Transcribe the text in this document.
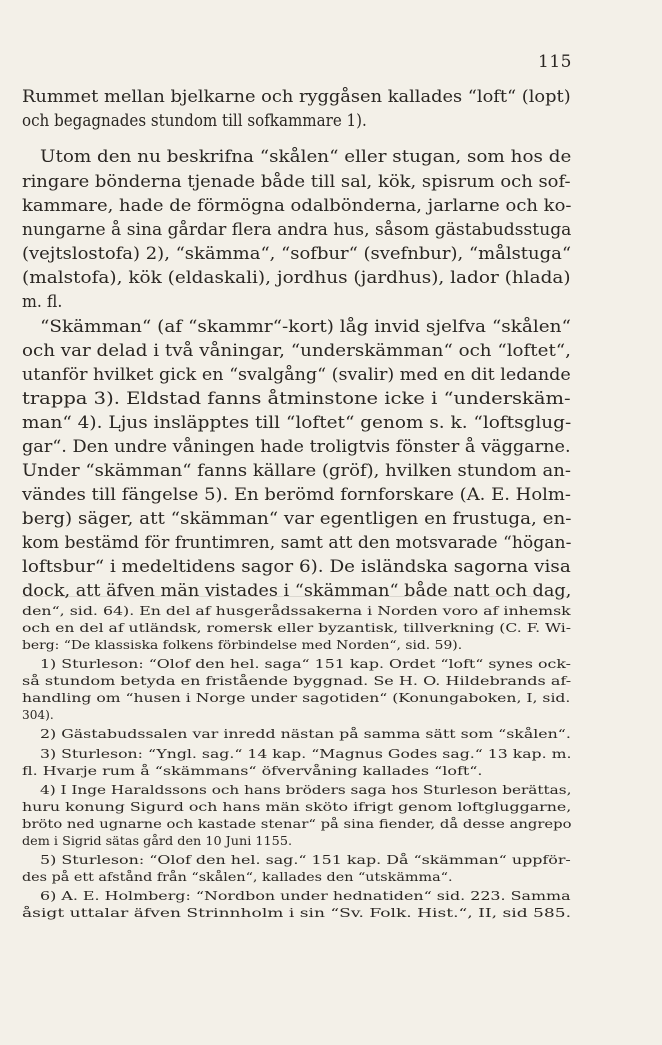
115
Rummet mellan bjelkarne och ryggåsen kallades “loft“ (lopt)
och begagnades stundom till sofkammare 1).
Utom den nu beskrifna “skålen“ eller stugan, som hos de
ringare bönderna tjenade både till sal, kök, spisrum och sof-
kammare, hade de förmögna odalbönderna, jarlarne och ko-
nungarne å sina gårdar flera andra hus, såsom gästabudsstuga
(vejtslostofa) 2), “skämma“, “sofbur“ (svefnbur), “målstuga“
(malstofa), kök (eldaskali), jordhus (jardhus), lador (hlada)
m. fl.
“Skämman“ (af “skammr“-kort) låg invid sjelfva “skålen“
och var delad i två våningar, “underskämman“ och “loftet“,
utanför hvilket gick en “svalgång“ (svalir) med en dit ledande
trappa 3). Eldstad fanns åtminstone icke i “underskäm-
man“ 4). Ljus insläpptes till “loftet“ genom s. k. “loftsglug-
gar“. Den undre våningen hade troligtvis fönster å väggarne.
Under “skämman“ fanns källare (gröf), hvilken stundom an-
vändes till fängelse 5). En berömd fornforskare (A. E. Holm-
berg) säger, att “skämman“ var egentligen en frustuga, en-
kom bestämd för fruntimren, samt att den motsvarade “högan-
loftsbur“ i medeltidens sagor 6). De isländska sagorna visa
dock, att äfven män vistades i “skämman“ både natt och dag,
den“, sid. 64). En del af husgerådssakerna i Norden voro af inhemsk
och en del af utländsk, romersk eller byzantisk, tillverkning (C. F. Wi-
berg: “De klassiska folkens förbindelse med Norden“, sid. 59).
1) Sturleson: “Olof den hel. saga“ 151 kap. Ordet “loft“ synes ock-
så stundom betyda en fristående byggnad. Se H. O. Hildebrands af-
handling om “husen i Norge under sagotiden“ (Konungaboken, I, sid.
304).
2) Gästabudssalen var inredd nästan på samma sätt som “skålen“.
3) Sturleson: “Yngl. sag.“ 14 kap. “Magnus Godes sag.“ 13 kap. m.
fl. Hvarje rum å “skämmans“ öfvervåning kallades “loft“.
4) I Inge Haraldssons och hans bröders saga hos Sturleson berättas,
huru konung Sigurd och hans män sköto ifrigt genom loftgluggarne,
bröto ned ugnarne och kastade stenar“ på sina fiender, då desse angrepo
dem i Sigrid sätas gård den 10 Juni 1155.
5) Sturleson: “Olof den hel. sag.“ 151 kap. Då “skämman“ uppför-
des på ett afstånd från “skålen“, kallades den “utskämma“.
6) A. E. Holmberg: “Nordbon under hednatiden“ sid. 223. Samma
åsigt uttalar äfven Strinnholm i sin “Sv. Folk. Hist.“, II, sid 585.
